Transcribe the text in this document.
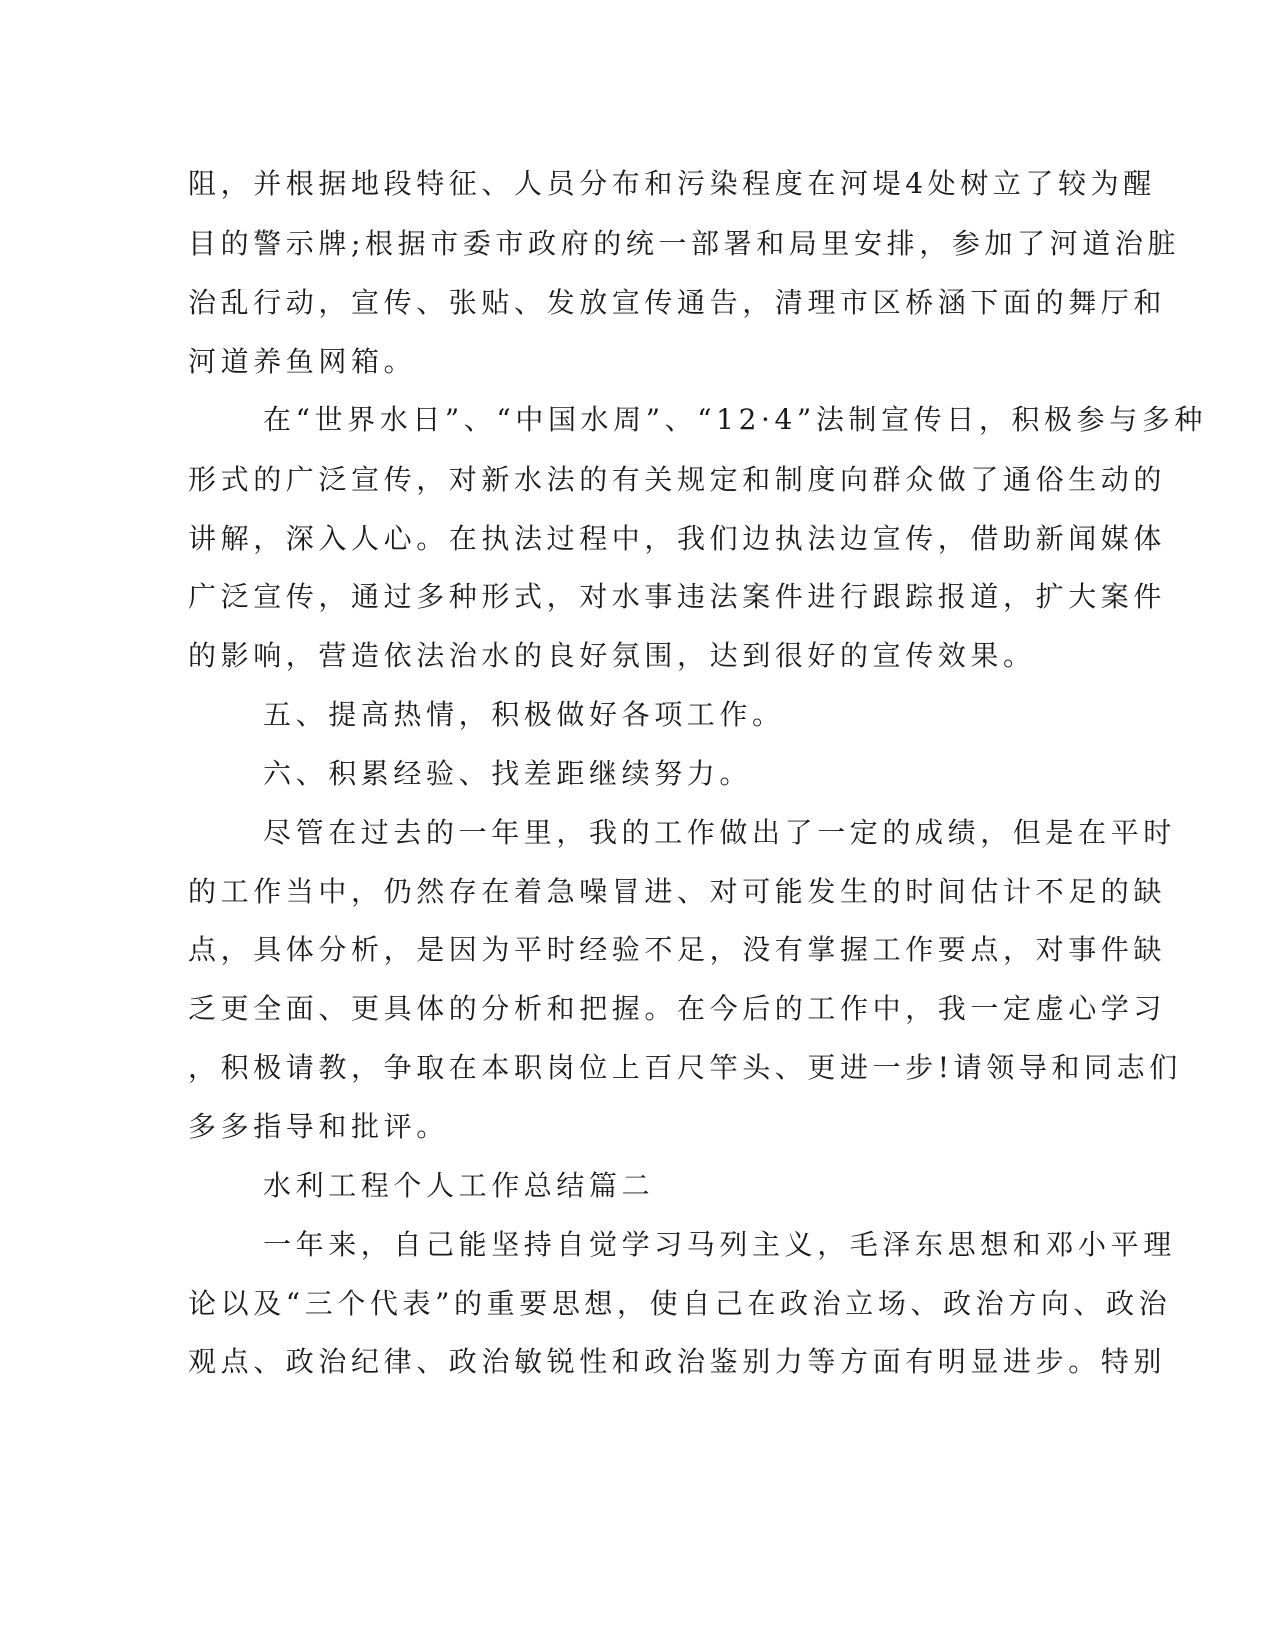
阻，并根据地段特征、人员分布和污染程度在河堤4处树立了较为醒
目的警示牌;根据市委市政府的统一部署和局里安排，参加了河道治脏
治乱行动，宣传、张贴、发放宣传通告，清理市区桥涵下面的舞厅和
河道养鱼网箱。
在“世界水日”、“中国水周”、“12·4”法制宣传日，积极参与多种
形式的广泛宣传，对新水法的有关规定和制度向群众做了通俗生动的
讲解，深入人心。在执法过程中，我们边执法边宣传，借助新闻媒体
广泛宣传，通过多种形式，对水事违法案件进行跟踪报道，扩大案件
的影响，营造依法治水的良好氛围，达到很好的宣传效果。
五、提高热情，积极做好各项工作。
六、积累经验、找差距继续努力。
尽管在过去的一年里，我的工作做出了一定的成绩，但是在平时
的工作当中，仍然存在着急噪冒进、对可能发生的时间估计不足的缺
点，具体分析，是因为平时经验不足，没有掌握工作要点，对事件缺
乏更全面、更具体的分析和把握。在今后的工作中，我一定虚心学习
，积极请教，争取在本职岗位上百尺竿头、更进一步!请领导和同志们
多多指导和批评。
水利工程个人工作总结篇二
一年来，自己能坚持自觉学习马列主义，毛泽东思想和邓小平理
论以及“三个代表”的重要思想，使自己在政治立场、政治方向、政治
观点、政治纪律、政治敏锐性和政治鉴别力等方面有明显进步。特别
